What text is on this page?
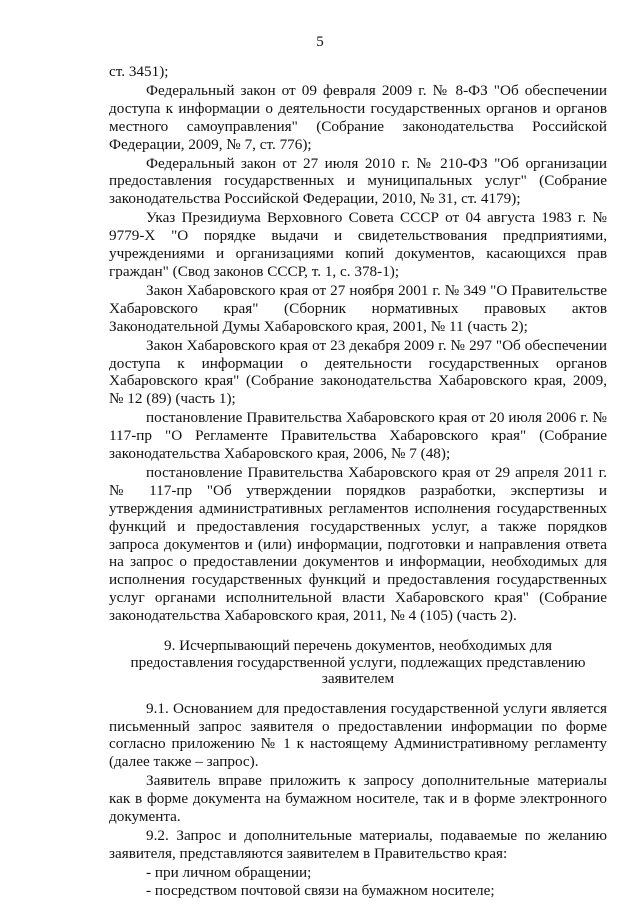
5

ст. 3451);

Федеральный закон от 09 февраля 2009 г. № 8-ФЗ "Об обеспечении доступа к информации о деятельности государственных органов и органов местного самоуправления" (Собрание законодательства Российской Федерации, 2009, № 7, ст. 776);

Федеральный закон от 27 июля 2010 г. № 210-ФЗ "Об организации предоставления государственных и муниципальных услуг" (Собрание законодательства Российской Федерации, 2010, № 31, ст. 4179);

Указ Президиума Верховного Совета СССР от 04 августа 1983 г. № 9779-Х "О порядке выдачи и свидетельствования предприятиями, учреждениями и организациями копий документов, касающихся прав граждан" (Свод законов СССР, т. 1, с. 378-1);

Закон Хабаровского края от 27 ноября 2001 г. № 349 "О Правительстве Хабаровского края" (Сборник нормативных правовых актов Законодательной Думы Хабаровского края, 2001, № 11 (часть 2);

Закон Хабаровского края от 23 декабря 2009 г. № 297 "Об обеспечении доступа к информации о деятельности государственных органов Хабаровского края" (Собрание законодательства Хабаровского края, 2009, № 12 (89) (часть 1);

постановление Правительства Хабаровского края от 20 июля 2006 г. № 117-пр "О Регламенте Правительства Хабаровского края" (Собрание законодательства Хабаровского края, 2006, № 7 (48);

постановление Правительства Хабаровского края от 29 апреля 2011 г. № 117-пр "Об утверждении порядков разработки, экспертизы и утверждения административных регламентов исполнения государственных функций и предоставления государственных услуг, а также порядков запроса документов и (или) информации, подготовки и направления ответа на запрос о предоставлении документов и информации, необходимых для исполнения государственных функций и предоставления государственных услуг органами исполнительной власти Хабаровского края" (Собрание законодательства Хабаровского края, 2011, № 4 (105) (часть 2).

9. Исчерпывающий перечень документов, необходимых для предоставления государственной услуги, подлежащих представлению заявителем

9.1. Основанием для предоставления государственной услуги является письменный запрос заявителя о предоставлении информации по форме согласно приложению № 1 к настоящему Административному регламенту (далее также – запрос).

Заявитель вправе приложить к запросу дополнительные материалы как в форме документа на бумажном носителе, так и в форме электронного документа.

9.2. Запрос и дополнительные материалы, подаваемые по желанию заявителя, представляются заявителем в Правительство края:

- при личном обращении;

- посредством почтовой связи на бумажном носителе;
